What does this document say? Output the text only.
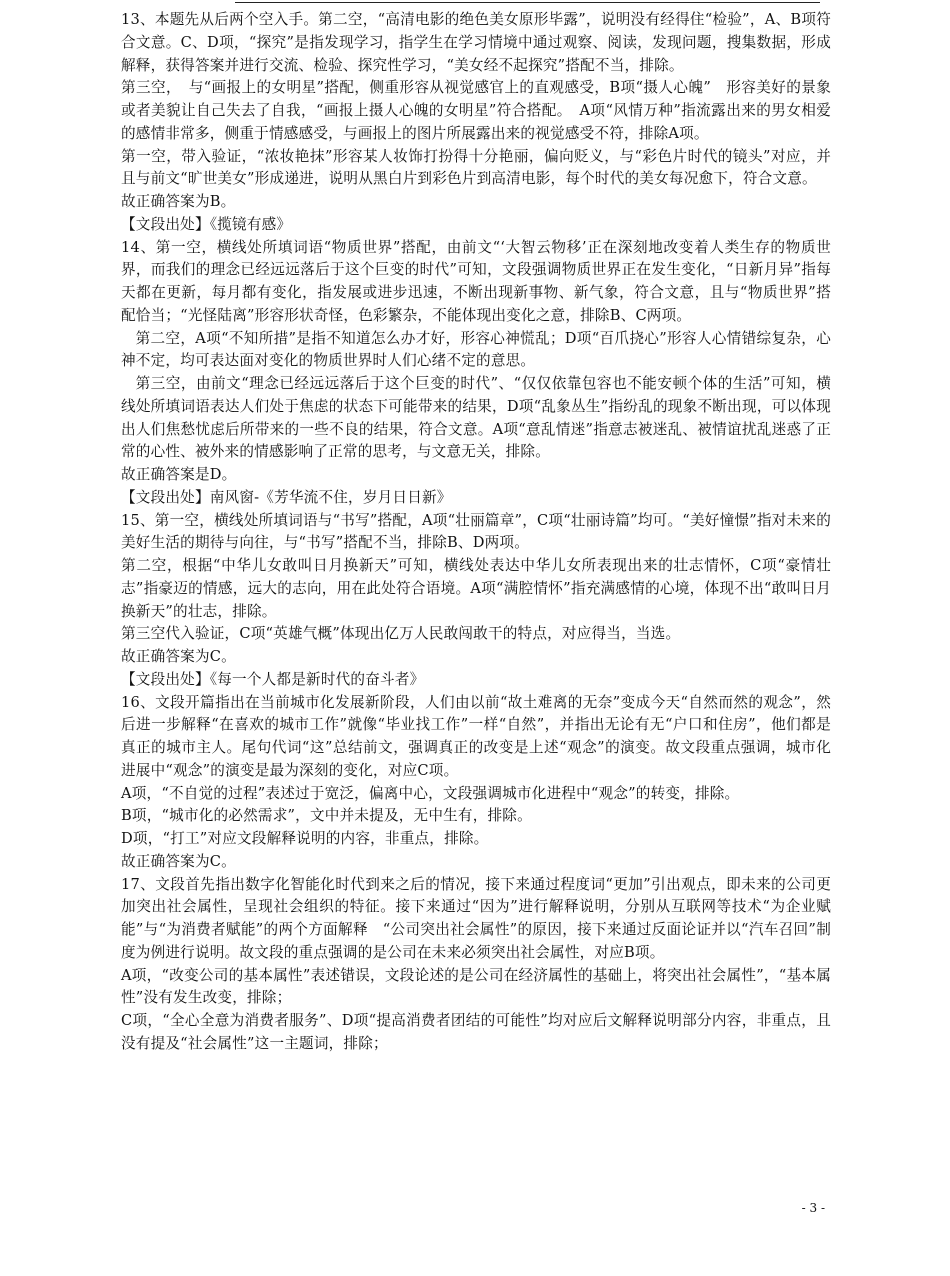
13、本题先从后两个空入手。第二空，“高清电影的绝色美女原形毕露”，说明没有经得住“检验”，A、B项符合文意。C、D项，“探究”是指发现学习，指学生在学习情境中通过观察、阅读，发现问题，搜集数据，形成解释，获得答案并进行交流、检验、探究性学习，“美女经不起探究”搭配不当，排除。

第三空，　与“画报上的女明星”搭配，侧重形容从视觉感官上的直观感受，B项“摄人心魄”　形容美好的景象或者美貌让自己失去了自我，“画报上摄人心魄的女明星”符合搭配。　A项“风情万种”指流露出来的男女相爱的感情非常多，侧重于情感感受，与画报上的图片所展露出来的视觉感受不符，排除A项。

第一空，带入验证，“浓妆艳抹”形容某人妆饰打扮得十分艳丽，偏向贬义，与“彩色片时代的镜头”对应，并且与前文“旷世美女”形成递进，说明从黑白片到彩色片到高清电影，每个时代的美女每况愈下，符合文意。

故正确答案为B。

【文段出处】《揽镜有感》

14、第一空，横线处所填词语“物质世界”搭配，由前文“‘大智云物移’正在深刻地改变着人类生存的物质世界，而我们的理念已经远远落后于这个巨变的时代”可知，文段强调物质世界正在发生变化，“日新月异”指每天都在更新，每月都有变化，指发展或进步迅速，不断出现新事物、新气象，符合文意，且与“物质世界”搭配恰当；“光怪陆离”形容形状奇怪，色彩繁杂，不能体现出变化之意，排除B、C两项。

第二空，A项“不知所措”是指不知道怎么办才好，形容心神慌乱；D项“百爪挠心”形容人心情错综复杂，心神不定，均可表达面对变化的物质世界时人们心绪不定的意思。

第三空，由前文“理念已经远远落后于这个巨变的时代”、“仅仅依靠包容也不能安顿个体的生活”可知，横线处所填词语表达人们处于焦虑的状态下可能带来的结果，D项“乱象丛生”指纷乱的现象不断出现，可以体现出人们焦愁忧虑后所带来的一些不良的结果，符合文意。A项“意乱情迷”指意志被迷乱、被情谊扰乱迷惑了正常的心性、被外来的情感影响了正常的思考，与文意无关，排除。

故正确答案是D。

【文段出处】南风窗-《芳华流不住，岁月日日新》

15、第一空，横线处所填词语与“书写”搭配，A项“壮丽篇章”，C项“壮丽诗篇”均可。“美好憧憬”指对未来的美好生活的期待与向往，与“书写”搭配不当，排除B、D两项。

第二空，根据“中华儿女敢叫日月换新天”可知，横线处表达中华儿女所表现出来的壮志情怀，C项“豪情壮志”指豪迈的情感，远大的志向，用在此处符合语境。A项“满腔情怀”指充满感情的心境，体现不出“敢叫日月换新天”的壮志，排除。

第三空代入验证，C项“英雄气概”体现出亿万人民敢闯敢干的特点，对应得当，当选。

故正确答案为C。

【文段出处】《每一个人都是新时代的奋斗者》

16、文段开篇指出在当前城市化发展新阶段，人们由以前“故土难离的无奈”变成今天“自然而然的观念”，然后进一步解释“在喜欢的城市工作”就像“毕业找工作”一样“自然”，并指出无论有无“户口和住房”，他们都是真正的城市主人。尾句代词“这”总结前文，强调真正的改变是上述“观念”的演变。故文段重点强调，城市化进展中“观念”的演变是最为深刻的变化，对应C项。

A项，“不自觉的过程”表述过于宽泛，偏离中心，文段强调城市化进程中“观念”的转变，排除。

B项，“城市化的必然需求”，文中并未提及，无中生有，排除。

D项，“打工”对应文段解释说明的内容，非重点，排除。

故正确答案为C。

17、文段首先指出数字化智能化时代到来之后的情况，接下来通过程度词“更加”引出观点，即未来的公司更加突出社会属性，呈现社会组织的特征。接下来通过“因为”进行解释说明，分别从互联网等技术“为企业赋能”与“为消费者赋能”的两个方面解释　“公司突出社会属性”的原因，接下来通过反面论证并以“汽车召回”制度为例进行说明。故文段的重点强调的是公司在未来必须突出社会属性，对应B项。

A项，“改变公司的基本属性”表述错误，文段论述的是公司在经济属性的基础上，将突出社会属性”，“基本属性”没有发生改变，排除；

C项，“全心全意为消费者服务”、D项“提高消费者团结的可能性”均对应后文解释说明部分内容，非重点，且没有提及“社会属性”这一主题词，排除；

- 3 -
